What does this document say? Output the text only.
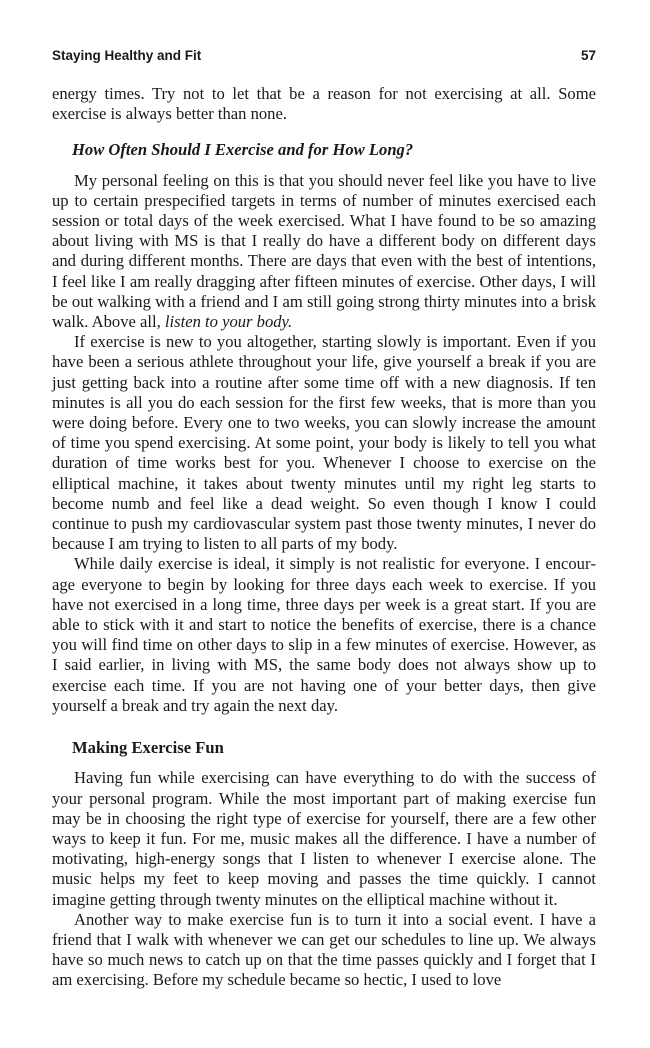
Staying Healthy and Fit	57

energy times. Try not to let that be a reason for not exercising at all. Some exercise is always better than none.

How Often Should I Exercise and for How Long?

My personal feeling on this is that you should never feel like you have to live up to certain prespecified targets in terms of number of minutes exercised each session or total days of the week exercised. What I have found to be so amazing about living with MS is that I really do have a different body on different days and during different months. There are days that even with the best of intentions, I feel like I am really dragging after fifteen minutes of exercise. Other days, I will be out walking with a friend and I am still going strong thirty minutes into a brisk walk. Above all, listen to your body.

If exercise is new to you altogether, starting slowly is important. Even if you have been a serious athlete throughout your life, give yourself a break if you are just getting back into a routine after some time off with a new diagnosis. If ten minutes is all you do each session for the first few weeks, that is more than you were doing before. Every one to two weeks, you can slowly increase the amount of time you spend exercising. At some point, your body is likely to tell you what duration of time works best for you. Whenever I choose to exercise on the elliptical machine, it takes about twenty minutes until my right leg starts to become numb and feel like a dead weight. So even though I know I could continue to push my cardiovascular system past those twenty minutes, I never do because I am trying to listen to all parts of my body.

While daily exercise is ideal, it simply is not realistic for everyone. I encourage everyone to begin by looking for three days each week to exercise. If you have not exercised in a long time, three days per week is a great start. If you are able to stick with it and start to notice the benefits of exercise, there is a chance you will find time on other days to slip in a few minutes of exercise. However, as I said earlier, in living with MS, the same body does not always show up to exercise each time. If you are not having one of your better days, then give yourself a break and try again the next day.

Making Exercise Fun

Having fun while exercising can have everything to do with the success of your personal program. While the most important part of making exercise fun may be in choosing the right type of exercise for yourself, there are a few other ways to keep it fun. For me, music makes all the difference. I have a number of motivating, high-energy songs that I listen to whenever I exercise alone. The music helps my feet to keep moving and passes the time quickly. I cannot imagine getting through twenty minutes on the elliptical machine without it.

Another way to make exercise fun is to turn it into a social event. I have a friend that I walk with whenever we can get our schedules to line up. We always have so much news to catch up on that the time passes quickly and I forget that I am exercising. Before my schedule became so hectic, I used to love
